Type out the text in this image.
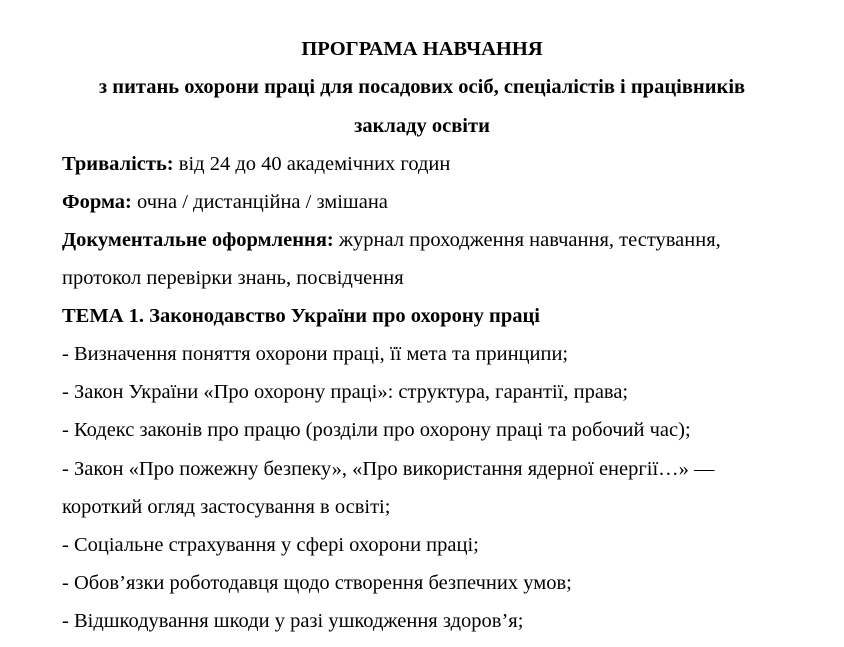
ПРОГРАМА НАВЧАННЯ
з питань охорони праці для посадових осіб, спеціалістів і працівників
закладу освіти
Тривалість: від 24 до 40 академічних годин
Форма: очна / дистанційна / змішана
Документальне оформлення: журнал проходження навчання, тестування,
протокол перевірки знань, посвідчення
ТЕМА 1. Законодавство України про охорону праці
- Визначення поняття охорони праці, її мета та принципи;
- Закон України «Про охорону праці»: структура, гарантії, права;
- Кодекс законів про працю (розділи про охорону праці та робочий час);
- Закон «Про пожежну безпеку», «Про використання ядерної енергії…» —
короткий огляд застосування в освіті;
- Соціальне страхування у сфері охорони праці;
- Обов’язки роботодавця щодо створення безпечних умов;
- Відшкодування шкоди у разі ушкодження здоров’я;
